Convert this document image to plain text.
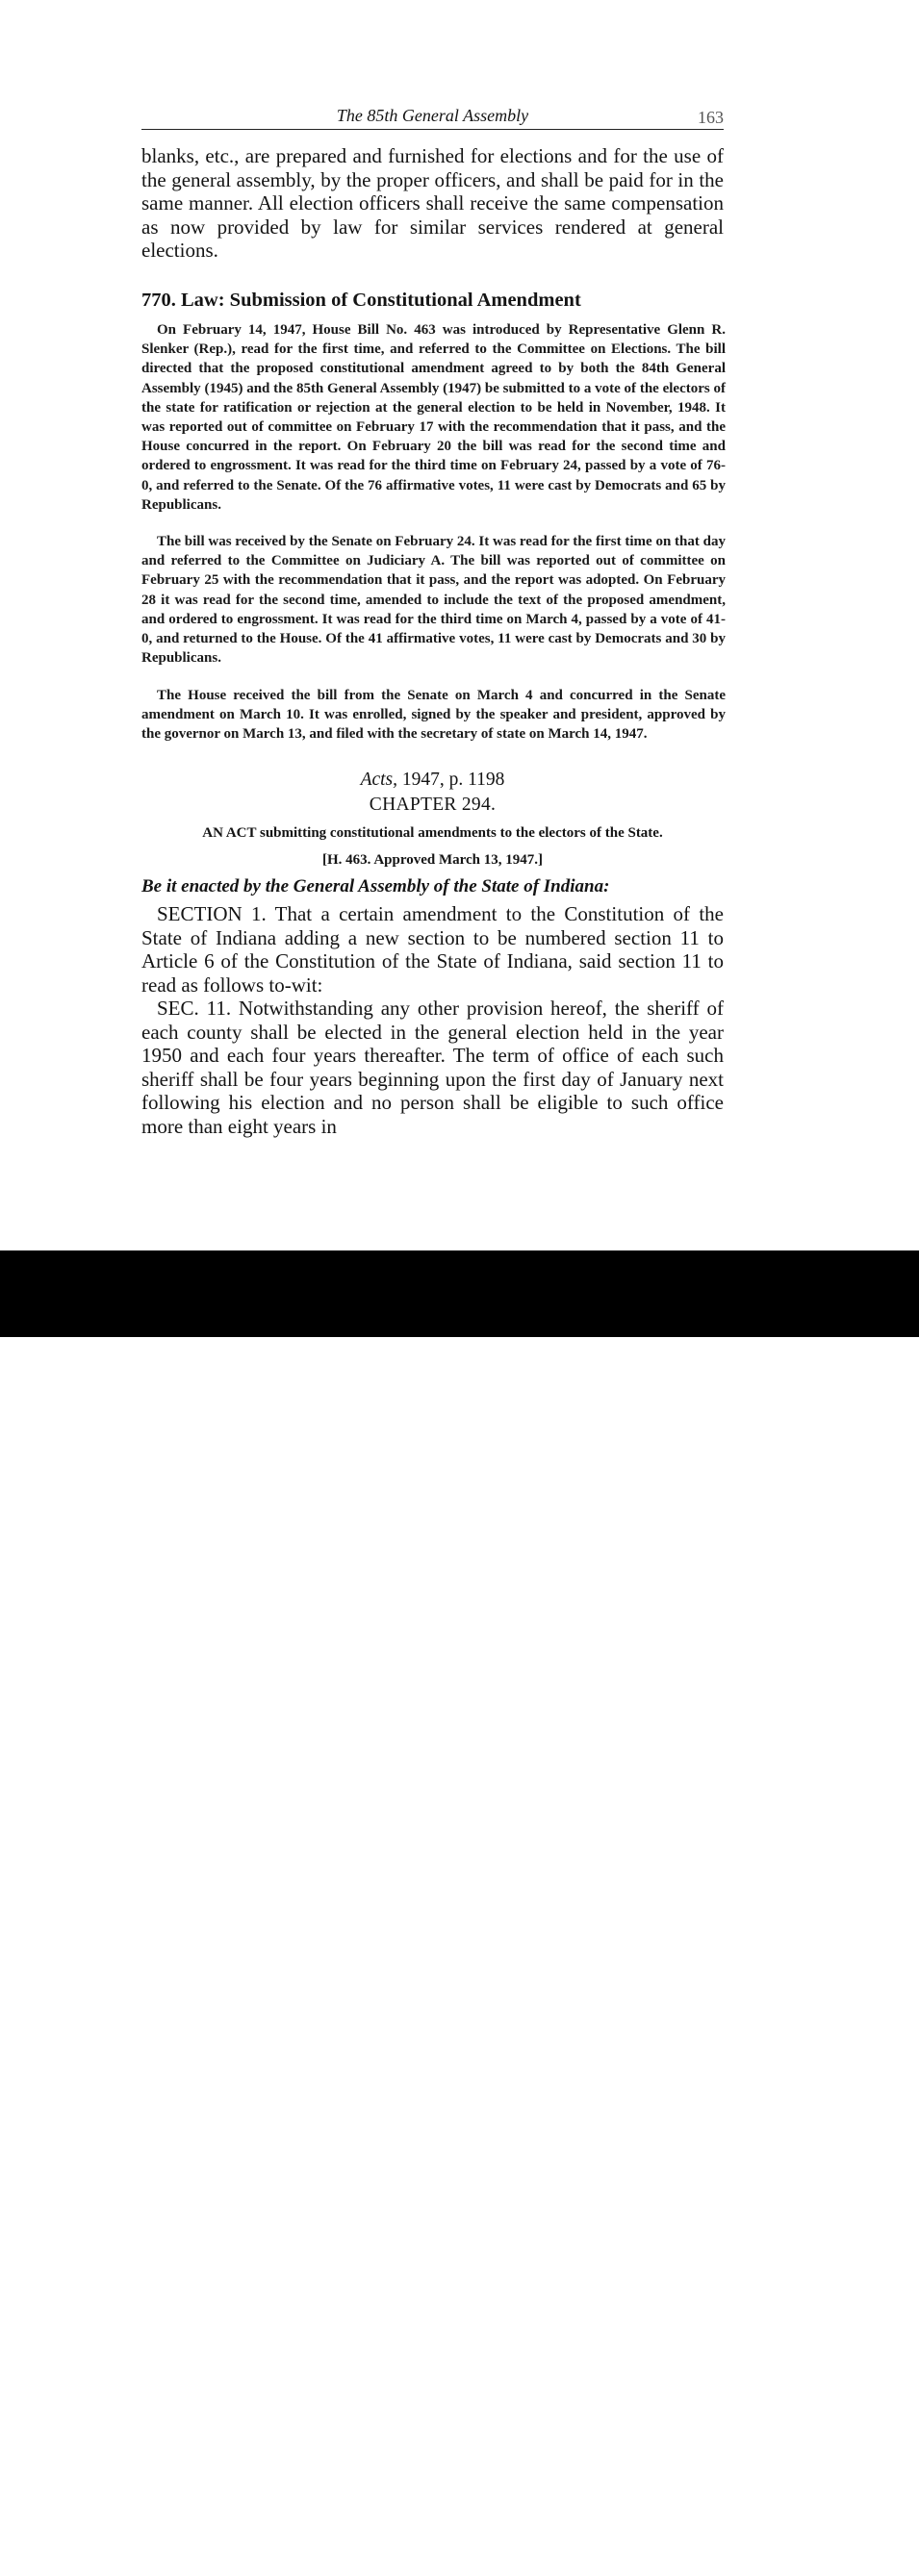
The 85th General Assembly	163

blanks, etc., are prepared and furnished for elections and for the use of the general assembly, by the proper officers, and shall be paid for in the same manner. All election officers shall receive the same compensation as now provided by law for similar services rendered at general elections.

770. Law: Submission of Constitutional Amendment

On February 14, 1947, House Bill No. 463 was introduced by Representative Glenn R. Slenker (Rep.), read for the first time, and referred to the Committee on Elections. The bill directed that the proposed constitutional amendment agreed to by both the 84th General Assembly (1945) and the 85th General Assembly (1947) be submitted to a vote of the electors of the state for ratification or rejection at the general election to be held in November, 1948. It was reported out of committee on February 17 with the recommendation that it pass, and the House concurred in the report. On February 20 the bill was read for the second time and ordered to engrossment. It was read for the third time on February 24, passed by a vote of 76-0, and referred to the Senate. Of the 76 affirmative votes, 11 were cast by Democrats and 65 by Republicans.

The bill was received by the Senate on February 24. It was read for the first time on that day and referred to the Committee on Judiciary A. The bill was reported out of committee on February 25 with the recommendation that it pass, and the report was adopted. On February 28 it was read for the second time, amended to include the text of the proposed amendment, and ordered to engrossment. It was read for the third time on March 4, passed by a vote of 41-0, and returned to the House. Of the 41 affirmative votes, 11 were cast by Democrats and 30 by Republicans.

The House received the bill from the Senate on March 4 and concurred in the Senate amendment on March 10. It was enrolled, signed by the speaker and president, approved by the governor on March 13, and filed with the secretary of state on March 14, 1947.

Acts, 1947, p. 1198

CHAPTER 294.

AN ACT submitting constitutional amendments to the electors of the State.

[H. 463. Approved March 13, 1947.]

Be it enacted by the General Assembly of the State of Indiana:

SECTION 1. That a certain amendment to the Constitution of the State of Indiana adding a new section to be numbered section 11 to Article 6 of the Constitution of the State of Indiana, said section 11 to read as follows to-wit:

SEC. 11. Notwithstanding any other provision hereof, the sheriff of each county shall be elected in the general election held in the year 1950 and each four years thereafter. The term of office of each such sheriff shall be four years beginning upon the first day of January next following his election and no person shall be eligible to such office more than eight years in

alamy	3BFYE16
www.alamy.com
